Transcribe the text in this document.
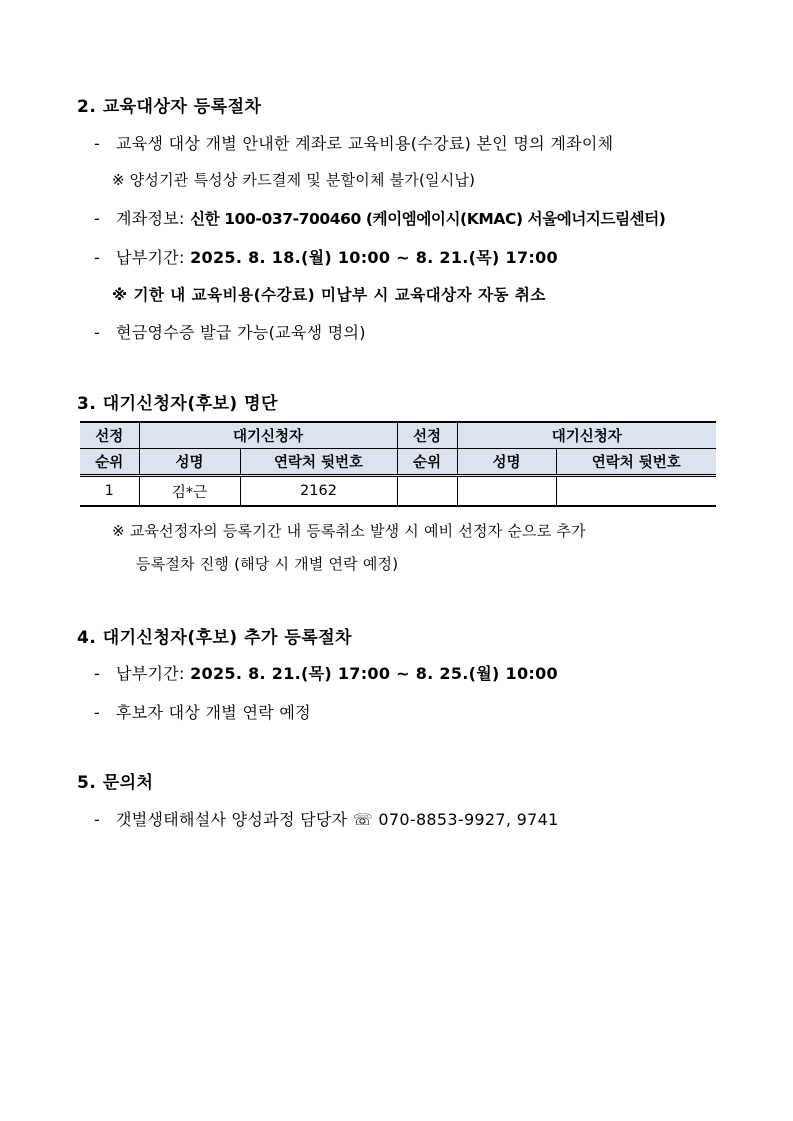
2. 교육대상자 등록절차
- 교육생 대상 개별 안내한 계좌로 교육비용(수강료) 본인 명의 계좌이체
※ 양성기관 특성상 카드결제 및 분할이체 불가(일시납)
- 계좌정보: 신한 100-037-700460 (케이엠에이시(KMAC) 서울에너지드림센터)
- 납부기간: 2025. 8. 18.(월) 10:00 ~ 8. 21.(목) 17:00
※ 기한 내 교육비용(수강료) 미납부 시 교육대상자 자동 취소
- 현금영수증 발급 가능(교육생 명의)
3. 대기신청자(후보) 명단
선정	대기신청자		선정	대기신청자	
순위	성명	연락처 뒷번호	순위	성명	연락처 뒷번호
1	김*근	2162			
※ 교육선정자의 등록기간 내 등록취소 발생 시 예비 선정자 순으로 추가
등록절차 진행 (해당 시 개별 연락 예정)
4. 대기신청자(후보) 추가 등록절차
- 납부기간: 2025. 8. 21.(목) 17:00 ~ 8. 25.(월) 10:00
- 후보자 대상 개별 연락 예정
5. 문의처
- 갯벌생태해설사 양성과정 담당자 ☏ 070-8853-9927, 9741
